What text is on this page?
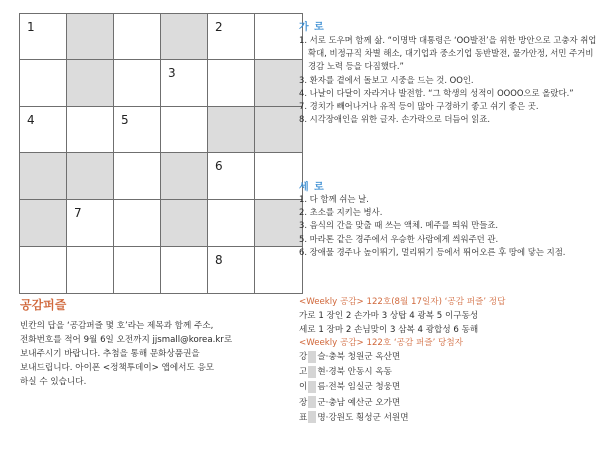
1	2
3
4	5
6
7
8
가 로
1. 서로 도우며 함께 삶. “이명박 대통령은 ‘OO발전’을 위한 방안으로 고충자 취업확대, 비정규직 차별 해소, 대기업과 중소기업 동반발전, 물가안정, 서민 주거비 경감 노력 등을 다짐했다.”
3. 환자를 곁에서 돌보고 시중을 드는 것. OO인.
4. 나날이 다달이 자라거나 발전함. “그 학생의 성적이 OOOO으로 올랐다.”
7. 경치가 빼어나거나 유적 등이 많아 구경하기 좋고 쉬기 좋은 곳.
8. 시각장애인을 위한 글자. 손가락으로 더듬어 읽죠.
세 로
1. 다 함께 쉬는 날.
2. 초소를 지키는 병사.
3. 음식의 간을 맞출 때 쓰는 액체. 메주를 띄워 만들죠.
5. 마라톤 같은 경주에서 우승한 사람에게 씌워주던 관.
6. 장애물 경주나 높이뛰기, 멀리뛰기 등에서 뛰어오른 후 땅에 닿는 지점.
<Weekly 공감> 122호(8월 17일자) ‘공감 퍼즐’ 정답
가로 1 장인 2 손가마 3 상탑 4 광복 5 이구동성
세로 1 장마 2 손님맞이 3 삼복 4 광합성 6 동해
<Weekly 공감> 122호 ‘공감 퍼즐’ 당첨자
강 슬·충북 청원군 옥산면
고 현·경북 안동시 옥동
이 름·전북 임실군 청웅면
장 군·충남 예산군 오가면
표 명·강원도 횡성군 서원면
공감퍼즐
빈칸의 답을 ‘공감퍼즐 몇 호’라는 제목과 함께 주소,
전화번호를 적어 9월 6일 오전까지 jjsmall@korea.kr로
보내주시기 바랍니다. 추첨을 통해 문화상품권을
보내드립니다. 아이폰 <정책투데이> 앱에서도 응모
하실 수 있습니다.
